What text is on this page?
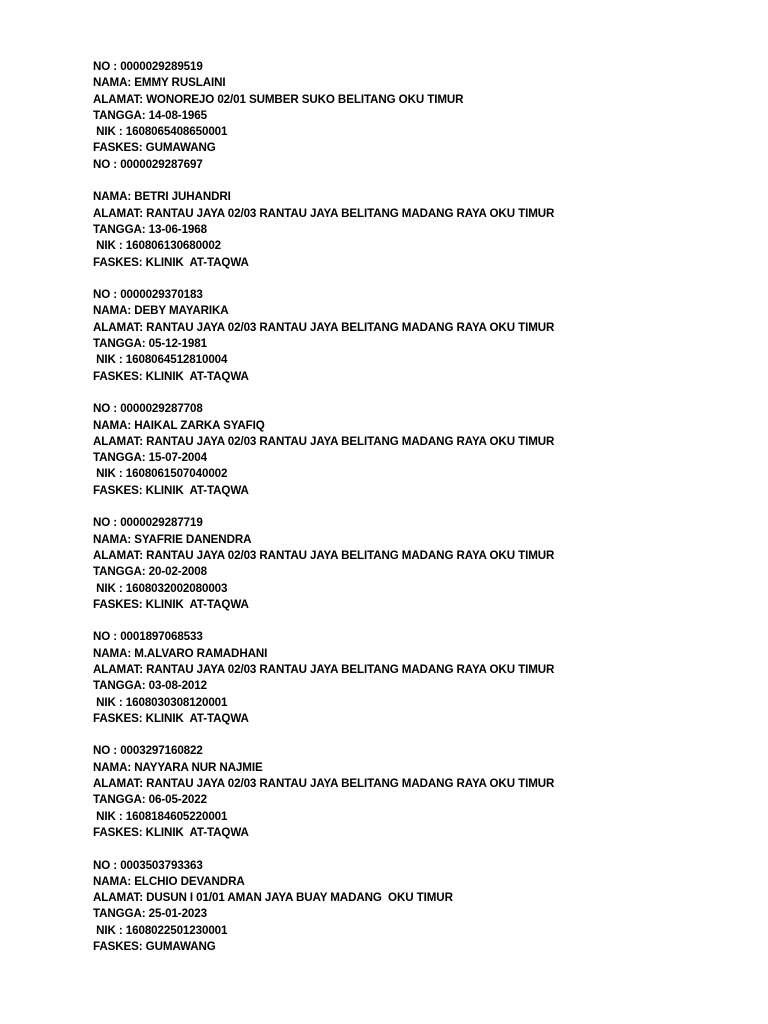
NO : 0000029289519
NAMA: EMMY RUSLAINI
ALAMAT: WONOREJO 02/01 SUMBER SUKO BELITANG OKU TIMUR
TANGGA: 14-08-1965
NIK : 1608065408650001
FASKES: GUMAWANG
NO : 0000029287697
NAMA: BETRI JUHANDRI
ALAMAT: RANTAU JAYA 02/03 RANTAU JAYA BELITANG MADANG RAYA OKU TIMUR
TANGGA: 13-06-1968
NIK : 160806130680002
FASKES: KLINIK  AT-TAQWA
NO : 0000029370183
NAMA: DEBY MAYARIKA
ALAMAT: RANTAU JAYA 02/03 RANTAU JAYA BELITANG MADANG RAYA OKU TIMUR
TANGGA: 05-12-1981
NIK : 1608064512810004
FASKES: KLINIK  AT-TAQWA
NO : 0000029287708
NAMA: HAIKAL ZARKA SYAFIQ
ALAMAT: RANTAU JAYA 02/03 RANTAU JAYA BELITANG MADANG RAYA OKU TIMUR
TANGGA: 15-07-2004
NIK : 1608061507040002
FASKES: KLINIK  AT-TAQWA
NO : 0000029287719
NAMA: SYAFRIE DANENDRA
ALAMAT: RANTAU JAYA 02/03 RANTAU JAYA BELITANG MADANG RAYA OKU TIMUR
TANGGA: 20-02-2008
NIK : 1608032002080003
FASKES: KLINIK  AT-TAQWA
NO : 0001897068533
NAMA: M.ALVARO RAMADHANI
ALAMAT: RANTAU JAYA 02/03 RANTAU JAYA BELITANG MADANG RAYA OKU TIMUR
TANGGA: 03-08-2012
NIK : 1608030308120001
FASKES: KLINIK  AT-TAQWA
NO : 0003297160822
NAMA: NAYYARA NUR NAJMIE
ALAMAT: RANTAU JAYA 02/03 RANTAU JAYA BELITANG MADANG RAYA OKU TIMUR
TANGGA: 06-05-2022
NIK : 1608184605220001
FASKES: KLINIK  AT-TAQWA
NO : 0003503793363
NAMA: ELCHIO DEVANDRA
ALAMAT: DUSUN I 01/01 AMAN JAYA BUAY MADANG  OKU TIMUR
TANGGA: 25-01-2023
NIK : 1608022501230001
FASKES: GUMAWANG
